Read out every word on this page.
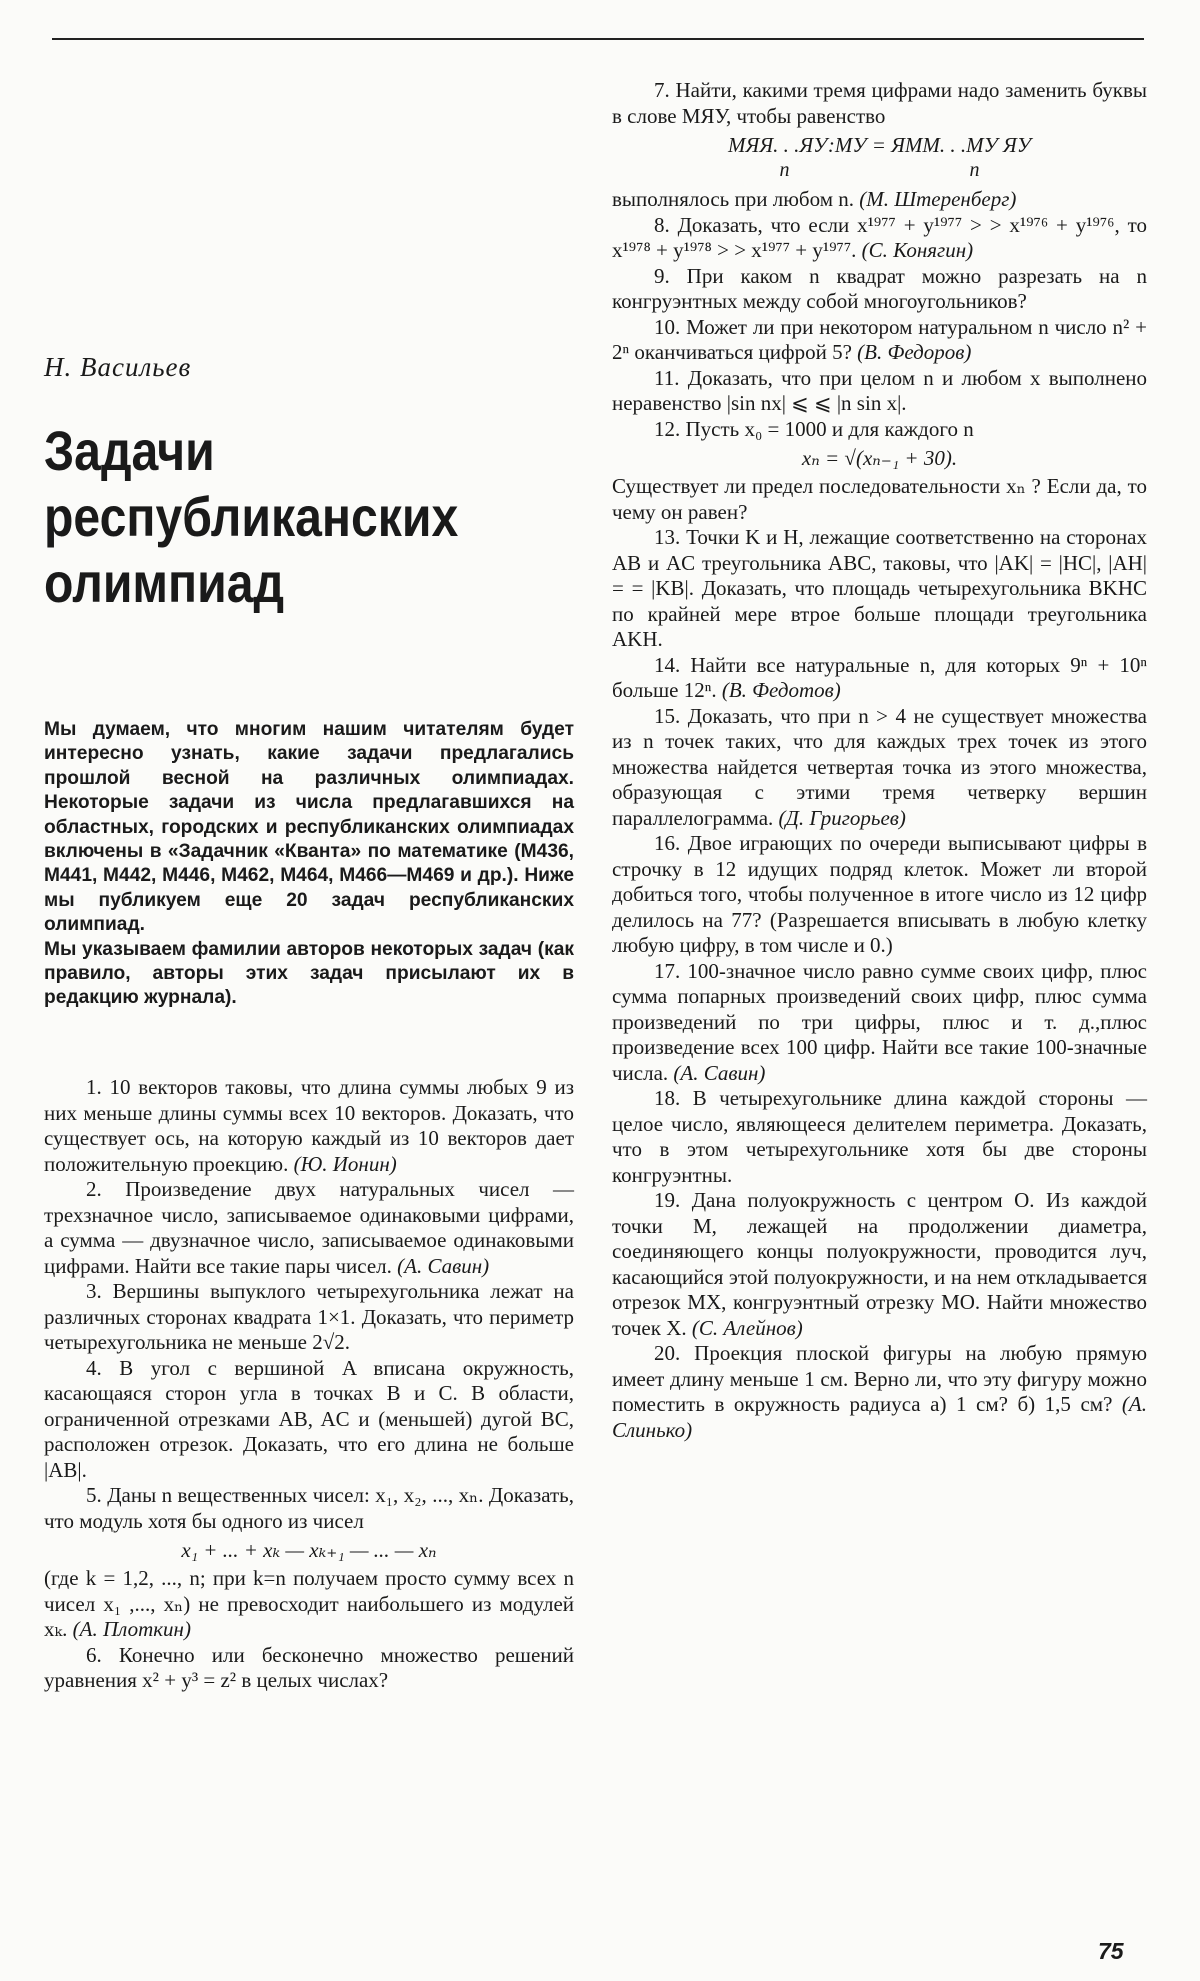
Н. Васильев
Задачи
республиканских
олимпиад

Мы думаем, что многим нашим читателям будет интересно узнать, какие задачи предлагались прошлой весной на различных олимпиадах. Некоторые задачи из числа предлагавшихся на областных, городских и республиканских олимпиадах включены в «Задачник «Кванта» по математике (M436, M441, M442, M446, M462, M464, M466—M469 и др.). Ниже мы публикуем еще 20 задач республиканских олимпиад.

Мы указываем фамилии авторов некоторых задач (как правило, авторы этих задач присылают их в редакцию журнала).

1. 10 векторов таковы, что длина суммы любых 9 из них меньше длины суммы всех 10 векторов. Доказать, что существует ось, на которую каждый из 10 векторов дает положительную проекцию. (Ю. Ионин)

2. Произведение двух натуральных чисел — трехзначное число, записываемое одинаковыми цифрами, а сумма — двузначное число, записываемое одинаковыми цифрами. Найти все такие пары чисел. (А. Савин)

3. Вершины выпуклого четырехугольника лежат на различных сторонах квадрата 1×1. Доказать, что периметр четырехугольника не меньше 2√2.

4. В угол с вершиной A вписана окружность, касающаяся сторон угла в точках B и C. В области, ограниченной отрезками AB, AC и (меньшей) дугой BC, расположен отрезок. Доказать, что его длина не больше |AB|.

5. Даны n вещественных чисел: x₁, x₂, ..., xₙ. Доказать, что модуль хотя бы одного из чисел

x₁ + ... + xₖ — xₖ₊₁ — ... — xₙ

(где k = 1,2, ..., n; при k=n получаем просто сумму всех n чисел x₁ ,..., xₙ) не превосходит наибольшего из модулей xₖ. (А. Плоткин)

6. Конечно или бесконечно множество решений уравнения x² + y³ = z² в целых числах?

7. Найти, какими тремя цифрами надо заменить буквы в слове МЯУ, чтобы равенство

МЯЯ. . .ЯУ:МУ = ЯММ. . .МУ ЯУ
n	n

выполнялось при любом n. (М. Штеренберг)

8. Доказать, что если x¹⁹⁷⁷ + y¹⁹⁷⁷ > > x¹⁹⁷⁶ + y¹⁹⁷⁶, то x¹⁹⁷⁸ + y¹⁹⁷⁸ > > x¹⁹⁷⁷ + y¹⁹⁷⁷. (С. Конягин)

9. При каком n квадрат можно разрезать на n конгруэнтных между собой многоугольников?

10. Может ли при некотором натуральном n число n² + 2ⁿ оканчиваться цифрой 5? (В. Федоров)

11. Доказать, что при целом n и любом x выполнено неравенство |sin nx| ⩽ ⩽ |n sin x|.

12. Пусть x₀ = 1000 и для каждого n

xₙ = √(xₙ₋₁ + 30).

Существует ли предел последовательности xₙ ? Если да, то чему он равен?

13. Точки K и H, лежащие соответственно на сторонах AB и AC треугольника ABC, таковы, что |AK| = |HC|, |AH| = = |KB|. Доказать, что площадь четырехугольника BKHC по крайней мере втрое больше площади треугольника AKH.

14. Найти все натуральные n, для которых 9ⁿ + 10ⁿ больше 12ⁿ. (В. Федотов)

15. Доказать, что при n > 4 не существует множества из n точек таких, что для каждых трех точек из этого множества найдется четвертая точка из этого множества, образующая с этими тремя четверку вершин параллелограмма. (Д. Григорьев)

16. Двое играющих по очереди выписывают цифры в строчку в 12 идущих подряд клеток. Может ли второй добиться того, чтобы полученное в итоге число из 12 цифр делилось на 77? (Разрешается вписывать в любую клетку любую цифру, в том числе и 0.)

17. 100-значное число равно сумме своих цифр, плюс сумма попарных произведений своих цифр, плюс сумма произведений по три цифры, плюс и т. д.,плюс произведение всех 100 цифр. Найти все такие 100-значные числа. (А. Савин)

18. В четырехугольнике длина каждой стороны — целое число, являющееся делителем периметра. Доказать, что в этом четырехугольнике хотя бы две стороны конгруэнтны.

19. Дана полуокружность с центром O. Из каждой точки M, лежащей на продолжении диаметра, соединяющего концы полуокружности, проводится луч, касающийся этой полуокружности, и на нем откладывается отрезок MX, конгруэнтный отрезку MO. Найти множество точек X. (С. Алейнов)

20. Проекция плоской фигуры на любую прямую имеет длину меньше 1 см. Верно ли, что эту фигуру можно поместить в окружность радиуса а) 1 см? б) 1,5 см? (А. Слинько)

75
